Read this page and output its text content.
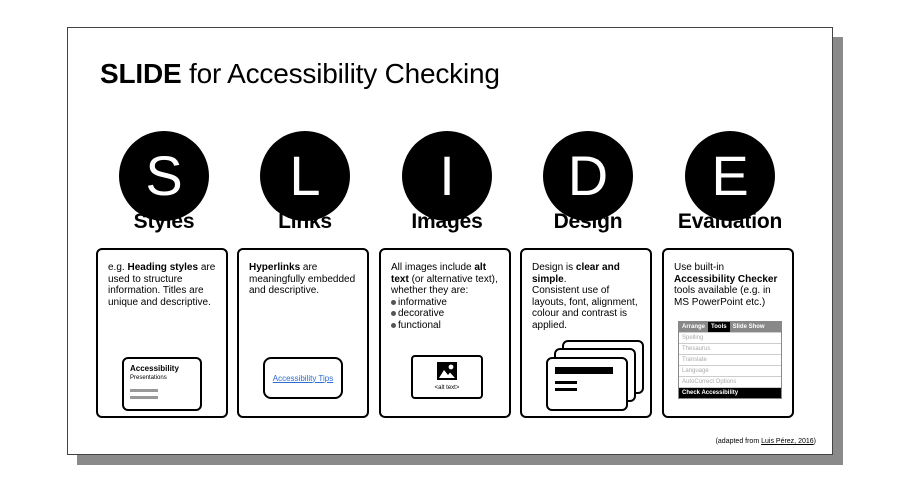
SLIDE for Accessibility Checking
S
Styles
e.g. Heading styles are used to structure information. Titles are unique and descriptive.
Accessibility
Presentations
L
Links
Hyperlinks are meaningfully embedded and descriptive.
Accessibility Tips
I
Images
All images include alt text (or alternative text), whether they are:
informative
decorative
functional
<alt text>
D
Design
Design is clear and simple.
Consistent use of layouts, font, alignment, colour and contrast is applied.
E
Evaluation
Use built-in Accessibility Checker tools available (e.g. in MS PowerPoint etc.)
Arrange	Tools	Slide Show
Spelling
Thesaurus
Translate
Language
AutoCorrect Options
Check Accessibility
(adapted from Luis Pérez, 2016)
